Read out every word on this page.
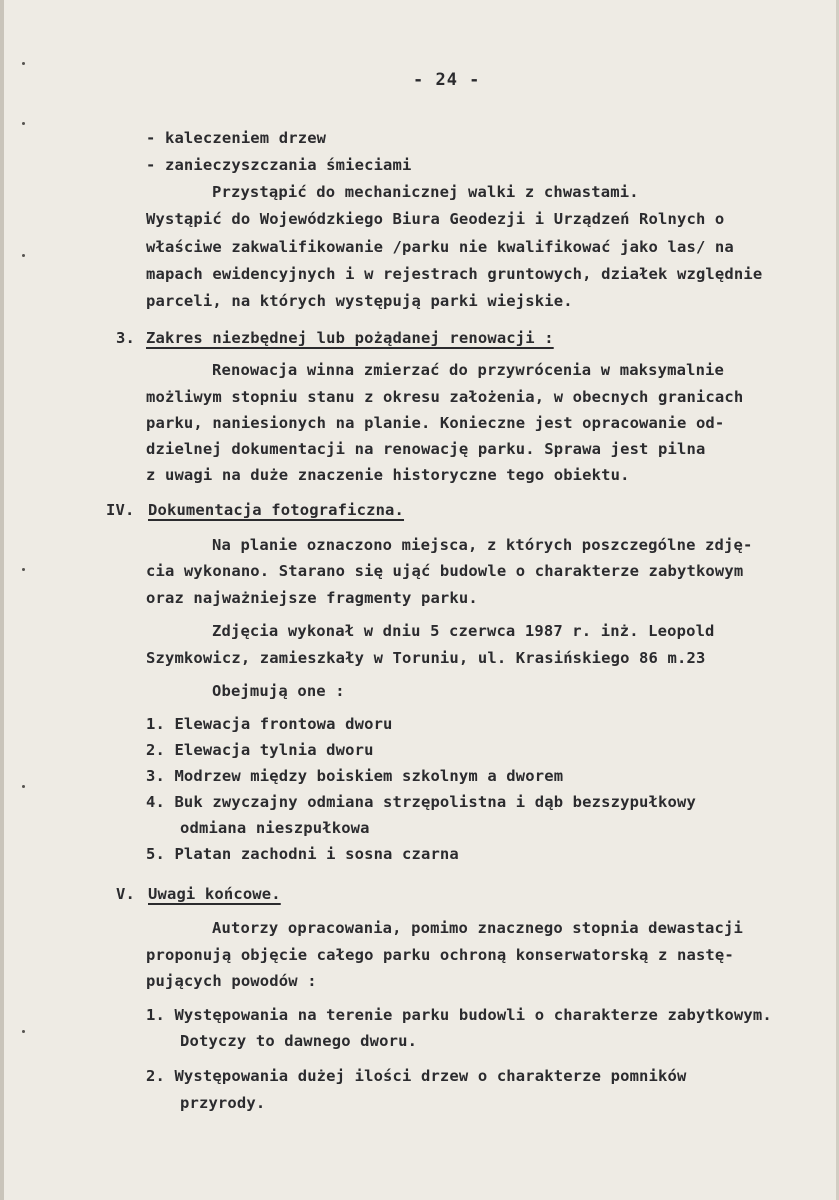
- 24 -
- kaleczeniem drzew
- zanieczyszczania śmieciami
Przystąpić do mechanicznej walki z chwastami.
Wystąpić do Wojewódzkiego Biura Geodezji i Urządzeń Rolnych o
właściwe zakwalifikowanie /parku nie kwalifikować jako las/ na
mapach ewidencyjnych i w rejestrach gruntowych, działek względnie
parceli, na których występują parki wiejskie.
3. Zakres niezbędnej lub pożądanej renowacji :
Renowacja winna zmierzać do przywrócenia w maksymalnie
możliwym stopniu stanu z okresu założenia, w obecnych granicach
parku, naniesionych na planie. Konieczne jest opracowanie od-
dzielnej dokumentacji na renowację parku. Sprawa jest pilna
z uwagi na duże znaczenie historyczne tego obiektu.
IV. Dokumentacja fotograficzna.
Na planie oznaczono miejsca, z których poszczególne zdję-
cia wykonano. Starano się ująć budowle o charakterze zabytkowym
oraz najważniejsze fragmenty parku.
Zdjęcia wykonał w dniu 5 czerwca 1987 r. inż. Leopold
Szymkowicz, zamieszkały w Toruniu, ul. Krasińskiego 86 m.23
Obejmują one :
1. Elewacja frontowa dworu
2. Elewacja tylnia dworu
3. Modrzew między boiskiem szkolnym a dworem
4. Buk zwyczajny odmiana strzępolistna i dąb bezszypułkowy
odmiana nieszpułkowa
5. Platan zachodni i sosna czarna
V. Uwagi końcowe.
Autorzy opracowania, pomimo znacznego stopnia dewastacji
proponują objęcie całego parku ochroną konserwatorską z nastę-
pujących powodów :
1. Występowania na terenie parku budowli o charakterze zabytkowym.
Dotyczy to dawnego dworu.
2. Występowania dużej ilości drzew o charakterze pomników
przyrody.
